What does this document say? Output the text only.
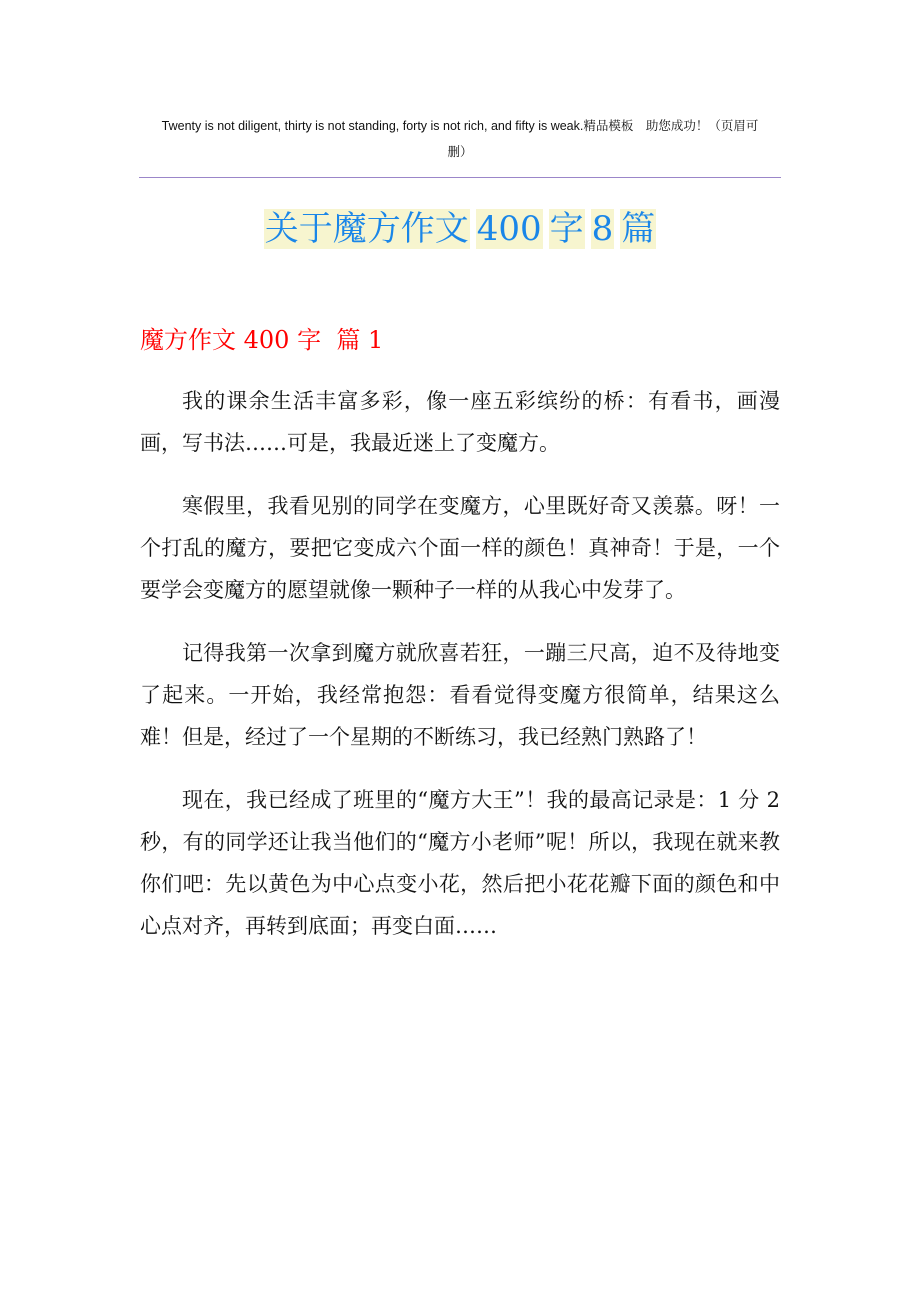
Twenty is not diligent, thirty is not standing, forty is not rich, and fifty is weak.精品模板　助您成功！（页眉可
删）
关于魔方作文 400 字 8 篇
魔方作文 400 字  篇 1

我的课余生活丰富多彩，像一座五彩缤纷的桥：有看书，画漫画，写书法……可是，我最近迷上了变魔方。

寒假里，我看见别的同学在变魔方，心里既好奇又羡慕。呀！一个打乱的魔方，要把它变成六个面一样的颜色！真神奇！于是，一个要学会变魔方的愿望就像一颗种子一样的从我心中发芽了。

记得我第一次拿到魔方就欣喜若狂，一蹦三尺高，迫不及待地变了起来。一开始，我经常抱怨：看看觉得变魔方很简单，结果这么难！但是，经过了一个星期的不断练习，我已经熟门熟路了！

现在，我已经成了班里的“魔方大王”！我的最高记录是：1 分 2 秒，有的同学还让我当他们的“魔方小老师”呢！所以，我现在就来教你们吧：先以黄色为中心点变小花，然后把小花花瓣下面的颜色和中心点对齐，再转到底面；再变白面……
